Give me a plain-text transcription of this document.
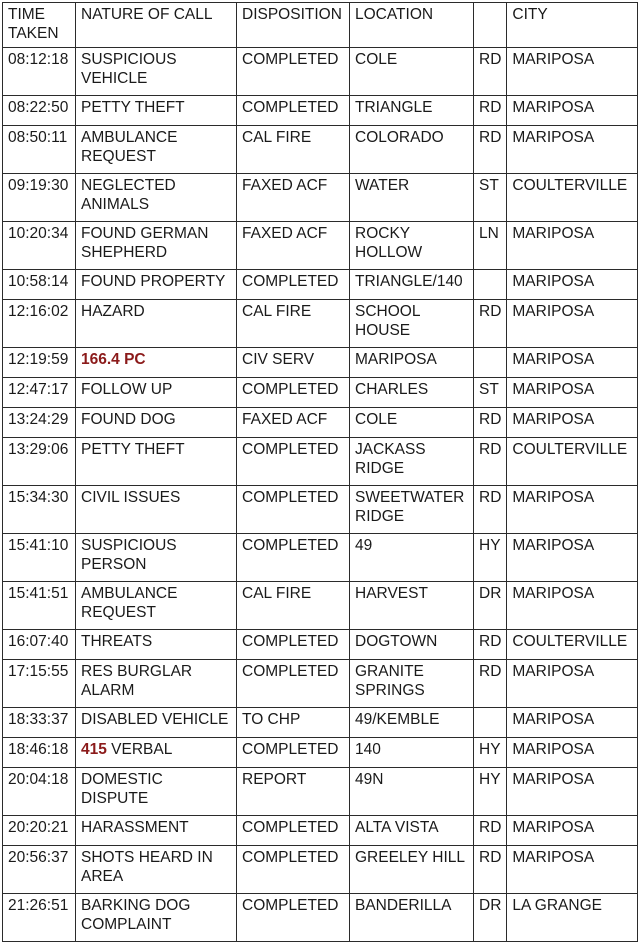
TIME TAKEN	NATURE OF CALL	DISPOSITION	LOCATION		CITY
08:12:18	SUSPICIOUS VEHICLE	COMPLETED	COLE	RD	MARIPOSA
08:22:50	PETTY THEFT	COMPLETED	TRIANGLE	RD	MARIPOSA
08:50:11	AMBULANCE REQUEST	CAL FIRE	COLORADO	RD	MARIPOSA
09:19:30	NEGLECTED ANIMALS	FAXED ACF	WATER	ST	COULTERVILLE
10:20:34	FOUND GERMAN SHEPHERD	FAXED ACF	ROCKY HOLLOW	LN	MARIPOSA
10:58:14	FOUND PROPERTY	COMPLETED	TRIANGLE/140		MARIPOSA
12:16:02	HAZARD	CAL FIRE	SCHOOL HOUSE	RD	MARIPOSA
12:19:59	166.4 PC	CIV SERV	MARIPOSA		MARIPOSA
12:47:17	FOLLOW UP	COMPLETED	CHARLES	ST	MARIPOSA
13:24:29	FOUND DOG	FAXED ACF	COLE	RD	MARIPOSA
13:29:06	PETTY THEFT	COMPLETED	JACKASS RIDGE	RD	COULTERVILLE
15:34:30	CIVIL ISSUES	COMPLETED	SWEETWATER RIDGE	RD	MARIPOSA
15:41:10	SUSPICIOUS PERSON	COMPLETED	49	HY	MARIPOSA
15:41:51	AMBULANCE REQUEST	CAL FIRE	HARVEST	DR	MARIPOSA
16:07:40	THREATS	COMPLETED	DOGTOWN	RD	COULTERVILLE
17:15:55	RES BURGLAR ALARM	COMPLETED	GRANITE SPRINGS	RD	MARIPOSA
18:33:37	DISABLED VEHICLE	TO CHP	49/KEMBLE		MARIPOSA
18:46:18	415 VERBAL	COMPLETED	140	HY	MARIPOSA
20:04:18	DOMESTIC DISPUTE	REPORT	49N	HY	MARIPOSA
20:20:21	HARASSMENT	COMPLETED	ALTA VISTA	RD	MARIPOSA
20:56:37	SHOTS HEARD IN AREA	COMPLETED	GREELEY HILL	RD	MARIPOSA
21:26:51	BARKING DOG COMPLAINT	COMPLETED	BANDERILLA	DR	LA GRANGE
